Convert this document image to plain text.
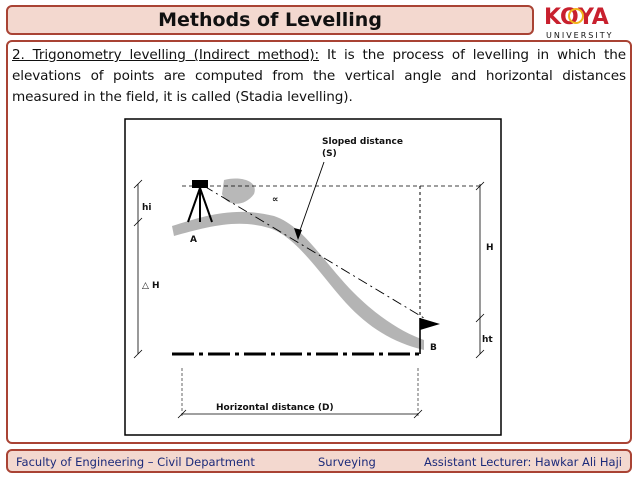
Methods of Levelling	KOYA
UNIVERSITY
2. Trigonometry levelling (Indirect method): It is the process of levelling in which the elevations of points are computed from the vertical angle and horizontal distances measured in the field, it is called (Stadia levelling).
Sloped distance
(S)
∝
hi
A
△ H
H
ht
B
Horizontal distance (D)
Faculty of Engineering – Civil Department	Surveying	Assistant Lecturer: Hawkar Ali Haji
